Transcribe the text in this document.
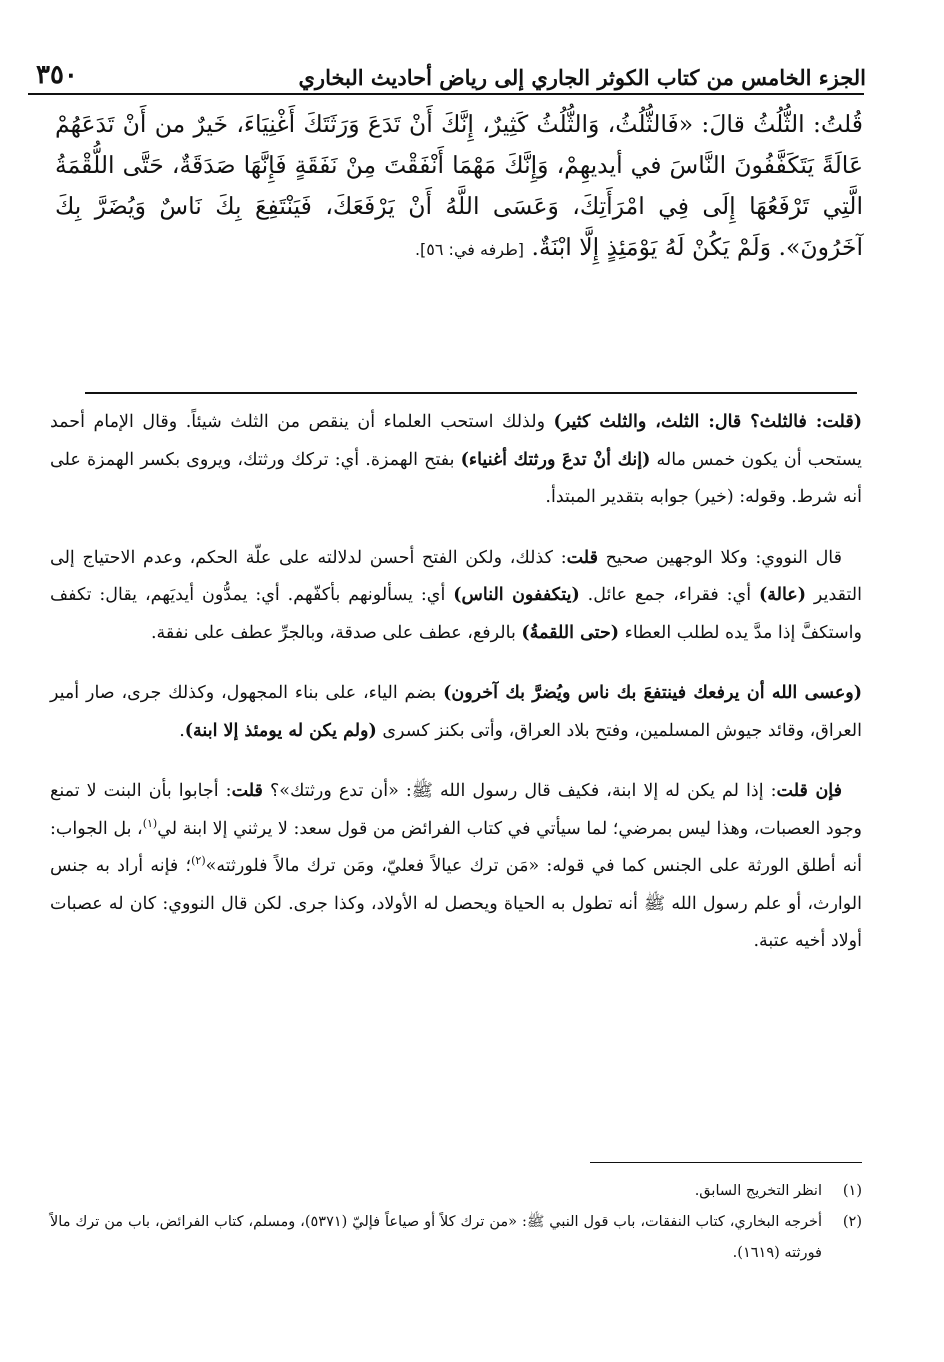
الجزء الخامس من كتاب الكوثر الجاري إلى رياض أحاديث البخاري
٣٥٠
قُلتُ: الثُّلُثُ قالَ: «فَالثُّلُثُ، وَالثُّلُثُ كَثِيرٌ، إِنَّكَ أَنْ تَدَعَ وَرَثَتَكَ أَغْنِيَاءَ، خَيرٌ من أَنْ تَدَعَهُمْ عَالَةً يَتَكَفَّفُونَ النَّاسَ في أيديهِمْ، وَإِنَّكَ مَهْمَا أَنْفَقْتَ مِنْ نَفَقَةٍ فَإِنَّهَا صَدَقَةٌ، حَتَّى اللُّقْمَةُ الَّتِي تَرْفَعُهَا إِلَى فِي امْرَأَتِكَ، وَعَسَى اللَّهُ أَنْ يَرْفَعَكَ، فَيَنْتَفِعَ بِكَ نَاسٌ وَيُضَرَّ بِكَ آخَرُونَ». وَلَمْ يَكُنْ لَهُ يَوْمَئِذٍ إِلَّا ابْنَةٌ. [طرفه في: ٥٦].

(قلت: فالثلث؟ قال: الثلث، والثلث كثير) ولذلك استحب العلماء أن ينقص من الثلث شيئاً. وقال الإمام أحمد يستحب أن يكون خمس ماله (إنك أنْ تدعَ ورثتك أغنياء) بفتح الهمزة. أي: تركك ورثتك، ويروى بكسر الهمزة على أنه شرط. وقوله: (خير) جوابه بتقدير المبتدأ.

قال النووي: وكلا الوجهين صحيح قلت: كذلك، ولكن الفتح أحسن لدلالته على علّة الحكم، وعدم الاحتياج إلى التقدير (عالة) أي: فقراء، جمع عائل. (يتكففون الناس) أي: يسألونهم بأكفّهم. أي: يمدُّون أيديَهم، يقال: تكفف واستكفَّ إذا مدَّ يده لطلب العطاء (حتى اللقمةُ) بالرفع، عطف على صدقة، وبالجرِّ عطف على نفقة.

(وعسى الله أن يرفعك فينتفعَ بك ناس ويُضرَّ بك آخرون) بضم الياء، على بناء المجهول، وكذلك جرى، صار أمير العراق، وقائد جيوش المسلمين، وفتح بلاد العراق، وأتى بكنز كسرى (ولم يكن له يومئذ إلا ابنة).

فإن قلت: إذا لم يكن له إلا ابنة، فكيف قال رسول الله ﷺ: «أن تدع ورثتك»؟ قلت: أجابوا بأن البنت لا تمنع وجود العصبات، وهذا ليس بمرضي؛ لما سيأتي في كتاب الفرائض من قول سعد: لا يرثني إلا ابنة لي$^{(١)}$، بل الجواب: أنه أطلق الورثة على الجنس كما في قوله: «مَن ترك عيالاً فعليّ، ومَن ترك مالاً فلورثته»$^{(٢)}$؛ فإنه أراد به جنس الوارث، أو علم رسول الله ﷺ أنه تطول به الحياة ويحصل له الأولاد، وكذا جرى. لكن قال النووي: كان له عصبات أولاد أخيه عتبة.

(١)
انظر التخريج السابق.
(٢)
أخرجه البخاري، كتاب النفقات، باب قول النبي ﷺ: «من ترك كلاً أو صياعاً فإليّ (٥٣٧١)، ومسلم، كتاب الفرائض، باب من ترك مالاً فورثته (١٦١٩).
